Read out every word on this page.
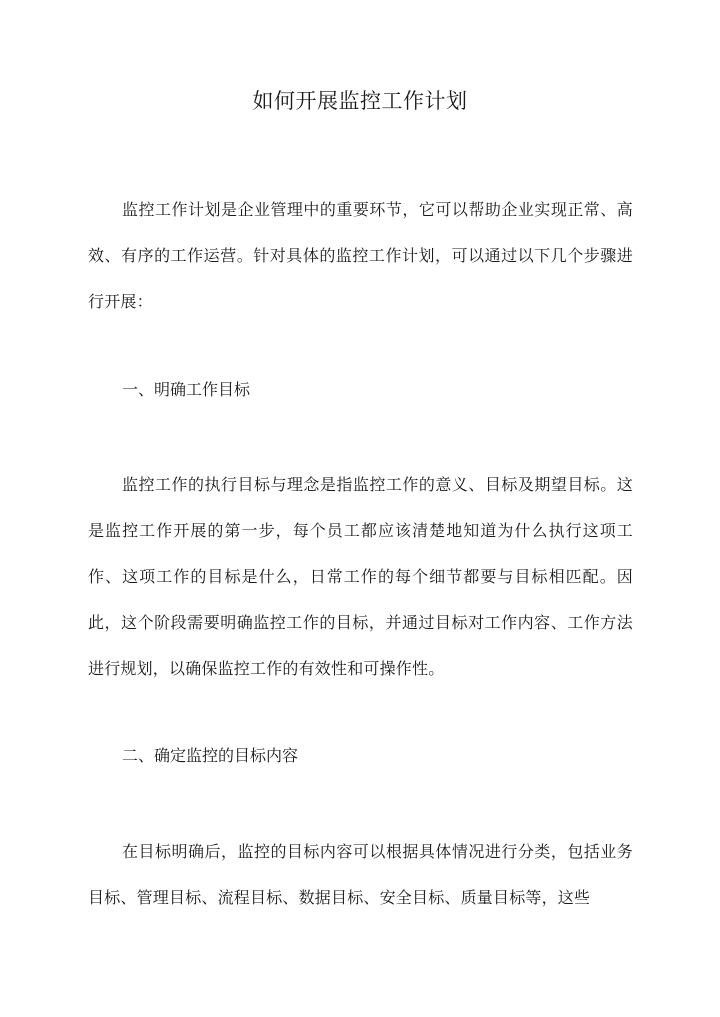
如何开展监控工作计划

监控工作计划是企业管理中的重要环节，它可以帮助企业实现正常、高效、有序的工作运营。针对具体的监控工作计划，可以通过以下几个步骤进行开展：

一、明确工作目标

监控工作的执行目标与理念是指监控工作的意义、目标及期望目标。这是监控工作开展的第一步，每个员工都应该清楚地知道为什么执行这项工作、这项工作的目标是什么，日常工作的每个细节都要与目标相匹配。因此，这个阶段需要明确监控工作的目标，并通过目标对工作内容、工作方法进行规划，以确保监控工作的有效性和可操作性。

二、确定监控的目标内容

在目标明确后，监控的目标内容可以根据具体情况进行分类，包括业务目标、管理目标、流程目标、数据目标、安全目标、质量目标等，这些
